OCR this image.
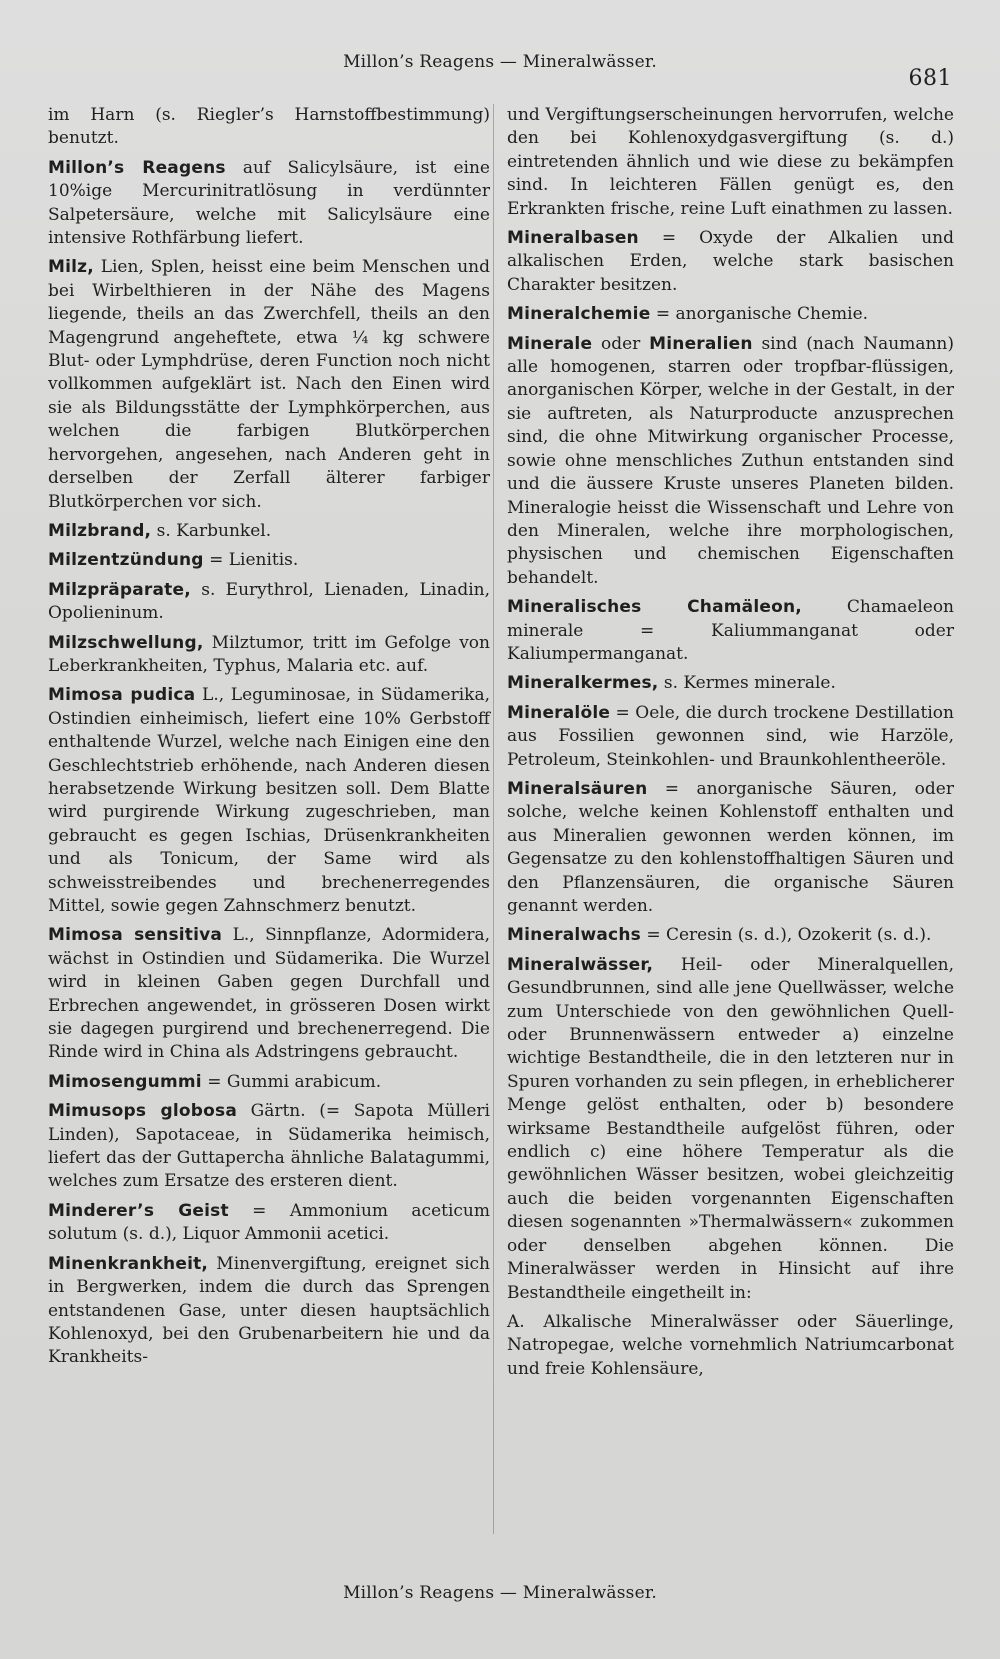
Millon’s Reagens — Mineralwässer.
681

im Harn (s. Riegler’s Harnstoffbestimmung) benutzt.

Millon’s Reagens auf Salicylsäure, ist eine 10%ige Mercurinitratlösung in verdünnter Salpetersäure, welche mit Salicylsäure eine intensive Rothfärbung liefert.

Milz, Lien, Splen, heisst eine beim Menschen und bei Wirbelthieren in der Nähe des Magens liegende, theils an das Zwerchfell, theils an den Magengrund angeheftete, etwa ¼ kg schwere Blut- oder Lymphdrüse, deren Function noch nicht vollkommen aufgeklärt ist. Nach den Einen wird sie als Bildungsstätte der Lymphkörperchen, aus welchen die farbigen Blutkörperchen hervorgehen, angesehen, nach Anderen geht in derselben der Zerfall älterer farbiger Blutkörperchen vor sich.

Milzbrand, s. Karbunkel.

Milzentzündung = Lienitis.

Milzpräparate, s. Eurythrol, Lienaden, Linadin, Opolieninum.

Milzschwellung, Milztumor, tritt im Gefolge von Leberkrankheiten, Typhus, Malaria etc. auf.

Mimosa pudica L., Leguminosae, in Südamerika, Ostindien einheimisch, liefert eine 10% Gerbstoff enthaltende Wurzel, welche nach Einigen eine den Geschlechtstrieb erhöhende, nach Anderen diesen herabsetzende Wirkung besitzen soll. Dem Blatte wird purgirende Wirkung zugeschrieben, man gebraucht es gegen Ischias, Drüsenkrankheiten und als Tonicum, der Same wird als schweisstreibendes und brechenerregendes Mittel, sowie gegen Zahnschmerz benutzt.

Mimosa sensitiva L., Sinnpflanze, Adormidera, wächst in Ostindien und Südamerika. Die Wurzel wird in kleinen Gaben gegen Durchfall und Erbrechen angewendet, in grösseren Dosen wirkt sie dagegen purgirend und brechenerregend. Die Rinde wird in China als Adstringens gebraucht.

Mimosengummi = Gummi arabicum.

Mimusops globosa Gärtn. (= Sapota Mülleri Linden), Sapotaceae, in Südamerika heimisch, liefert das der Guttapercha ähnliche Balatagummi, welches zum Ersatze des ersteren dient.

Minderer’s Geist = Ammonium aceticum solutum (s. d.), Liquor Ammonii acetici.

Minenkrankheit, Minenvergiftung, ereignet sich in Bergwerken, indem die durch das Sprengen entstandenen Gase, unter diesen hauptsächlich Kohlenoxyd, bei den Grubenarbeitern hie und da Krankheits-

und Vergiftungserscheinungen hervorrufen, welche den bei Kohlenoxydgasvergiftung (s. d.) eintretenden ähnlich und wie diese zu bekämpfen sind. In leichteren Fällen genügt es, den Erkrankten frische, reine Luft einathmen zu lassen.

Mineralbasen = Oxyde der Alkalien und alkalischen Erden, welche stark basischen Charakter besitzen.

Mineralchemie = anorganische Chemie.

Minerale oder Mineralien sind (nach Naumann) alle homogenen, starren oder tropfbar-flüssigen, anorganischen Körper, welche in der Gestalt, in der sie auftreten, als Naturproducte anzusprechen sind, die ohne Mitwirkung organischer Processe, sowie ohne menschliches Zuthun entstanden sind und die äussere Kruste unseres Planeten bilden. Mineralogie heisst die Wissenschaft und Lehre von den Mineralen, welche ihre morphologischen, physischen und chemischen Eigenschaften behandelt.

Mineralisches Chamäleon, Chamaeleon minerale = Kaliummanganat oder Kaliumpermanganat.

Mineralkermes, s. Kermes minerale.

Mineralöle = Oele, die durch trockene Destillation aus Fossilien gewonnen sind, wie Harzöle, Petroleum, Steinkohlen- und Braunkohlentheeröle.

Mineralsäuren = anorganische Säuren, oder solche, welche keinen Kohlenstoff enthalten und aus Mineralien gewonnen werden können, im Gegensatze zu den kohlenstoffhaltigen Säuren und den Pflanzensäuren, die organische Säuren genannt werden.

Mineralwachs = Ceresin (s. d.), Ozokerit (s. d.).

Mineralwässer, Heil- oder Mineralquellen, Gesundbrunnen, sind alle jene Quellwässer, welche zum Unterschiede von den gewöhnlichen Quell- oder Brunnenwässern entweder a) einzelne wichtige Bestandtheile, die in den letzteren nur in Spuren vorhanden zu sein pflegen, in erheblicherer Menge gelöst enthalten, oder b) besondere wirksame Bestandtheile aufgelöst führen, oder endlich c) eine höhere Temperatur als die gewöhnlichen Wässer besitzen, wobei gleichzeitig auch die beiden vorgenannten Eigenschaften diesen sogenannten »Thermalwässern« zukommen oder denselben abgehen können. Die Mineralwässer werden in Hinsicht auf ihre Bestandtheile eingetheilt in:

A. Alkalische Mineralwässer oder Säuerlinge, Natropegae, welche vornehmlich Natriumcarbonat und freie Kohlensäure,

Millon’s Reagens — Mineralwässer.
